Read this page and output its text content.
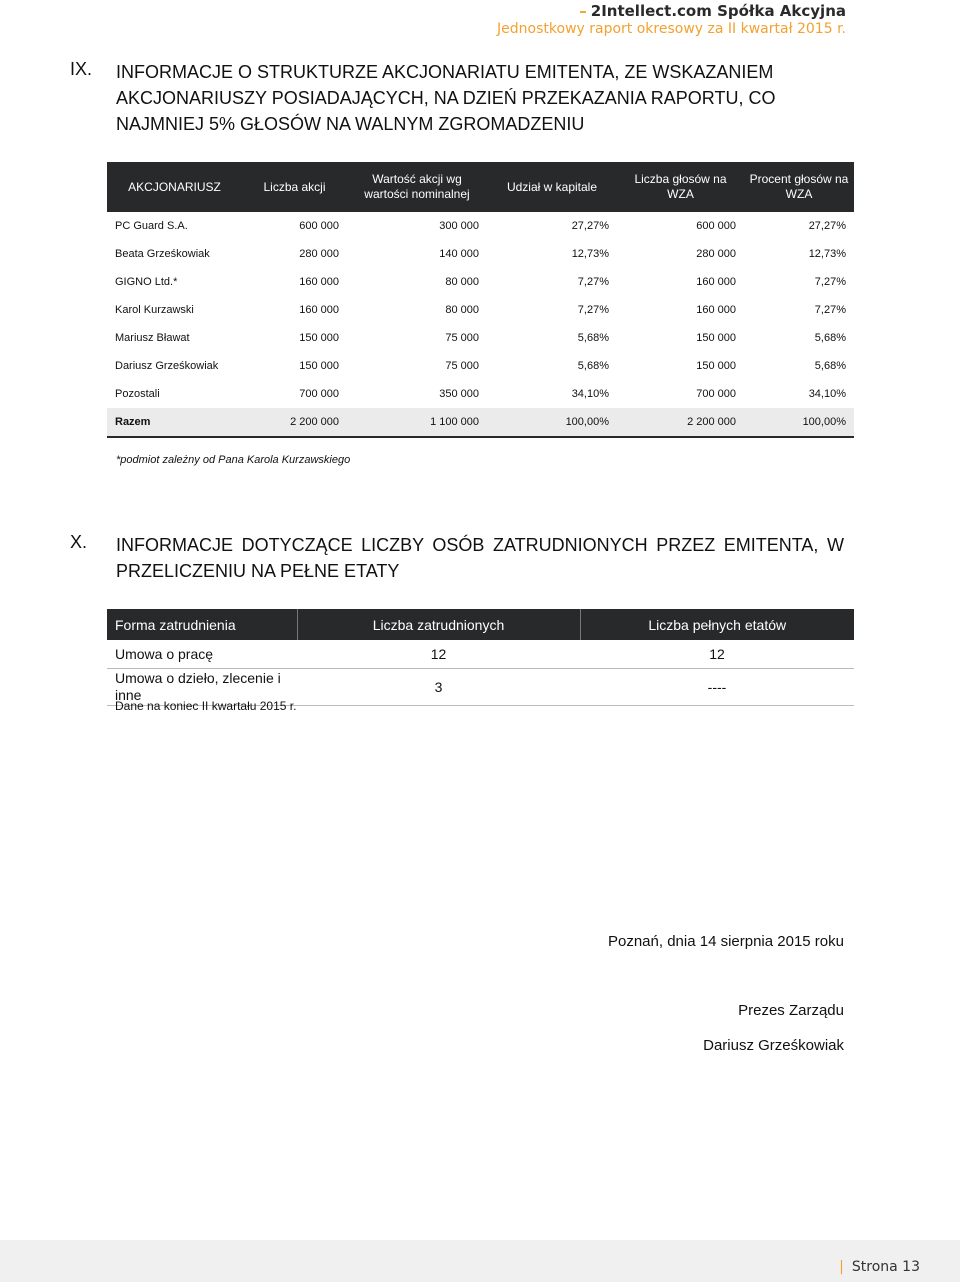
– 2Intellect.com Spółka Akcyjna
Jednostkowy raport okresowy za II kwartał 2015 r.
IX. INFORMACJE O STRUKTURZE AKCJONARIATU EMITENTA, ZE WSKAZANIEM AKCJONARIUSZY POSIADAJĄCYCH, NA DZIEŃ PRZEKAZANIA RAPORTU, CO NAJMNIEJ 5% GŁOSÓW NA WALNYM ZGROMADZENIU
AKCJONARIUSZ	Liczba akcji	Wartość akcji wg wartości nominalnej	Udział w kapitale	Liczba głosów na WZA	Procent głosów na WZA
PC Guard S.A.	600 000	300 000	27,27%	600 000	27,27%
Beata Grześkowiak	280 000	140 000	12,73%	280 000	12,73%
GIGNO Ltd.*	160 000	80 000	7,27%	160 000	7,27%
Karol Kurzawski	160 000	80 000	7,27%	160 000	7,27%
Mariusz Bławat	150 000	75 000	5,68%	150 000	5,68%
Dariusz Grześkowiak	150 000	75 000	5,68%	150 000	5,68%
Pozostali	700 000	350 000	34,10%	700 000	34,10%
Razem	2 200 000	1 100 000	100,00%	2 200 000	100,00%
*podmiot zależny od Pana Karola Kurzawskiego
X. INFORMACJE DOTYCZĄCE LICZBY OSÓB ZATRUDNIONYCH PRZEZ EMITENTA, W PRZELICZENIU NA PEŁNE ETATY
Forma zatrudnienia	Liczba zatrudnionych	Liczba pełnych etatów
Umowa o pracę	12	12
Umowa o dzieło, zlecenie i inne	3	----
Dane na koniec II kwartału 2015 r.
Poznań, dnia 14 sierpnia 2015 roku
Prezes Zarządu
Dariusz Grześkowiak
| Strona 13
